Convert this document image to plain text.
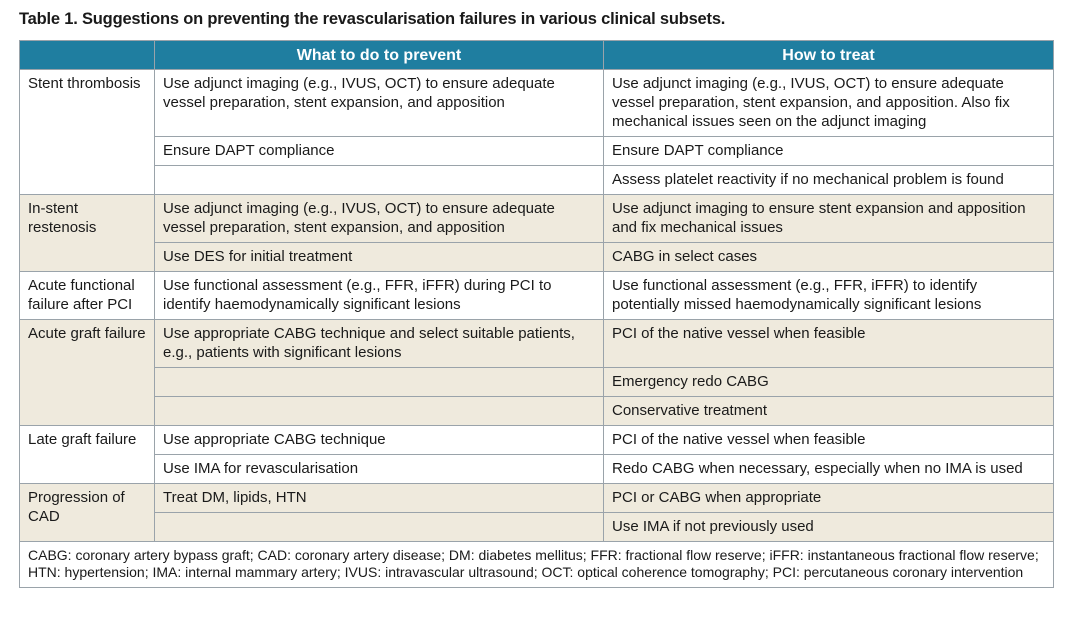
Table 1. Suggestions on preventing the revascularisation failures in various clinical subsets.
	What to do to prevent	How to treat
Stent thrombosis	Use adjunct imaging (e.g., IVUS, OCT) to ensure adequate vessel preparation, stent expansion, and apposition	Use adjunct imaging (e.g., IVUS, OCT) to ensure adequate vessel preparation, stent expansion, and apposition. Also fix mechanical issues seen on the adjunct imaging
	Ensure DAPT compliance	Ensure DAPT compliance
		Assess platelet reactivity if no mechanical problem is found
In-stent restenosis	Use adjunct imaging (e.g., IVUS, OCT) to ensure adequate vessel preparation, stent expansion, and apposition	Use adjunct imaging to ensure stent expansion and apposition and fix mechanical issues
	Use DES for initial treatment	CABG in select cases
Acute functional failure after PCI	Use functional assessment (e.g., FFR, iFFR) during PCI to identify haemodynamically significant lesions	Use functional assessment (e.g., FFR, iFFR) to identify potentially missed haemodynamically significant lesions
Acute graft failure	Use appropriate CABG technique and select suitable patients, e.g., patients with significant lesions	PCI of the native vessel when feasible
		Emergency redo CABG
		Conservative treatment
Late graft failure	Use appropriate CABG technique	PCI of the native vessel when feasible
	Use IMA for revascularisation	Redo CABG when necessary, especially when no IMA is used
Progression of CAD	Treat DM, lipids, HTN	PCI or CABG when appropriate
		Use IMA if not previously used
CABG: coronary artery bypass graft; CAD: coronary artery disease; DM: diabetes mellitus; FFR: fractional flow reserve; iFFR: instantaneous fractional flow reserve; HTN: hypertension; IMA: internal mammary artery; IVUS: intravascular ultrasound; OCT: optical coherence tomography; PCI: percutaneous coronary intervention		
